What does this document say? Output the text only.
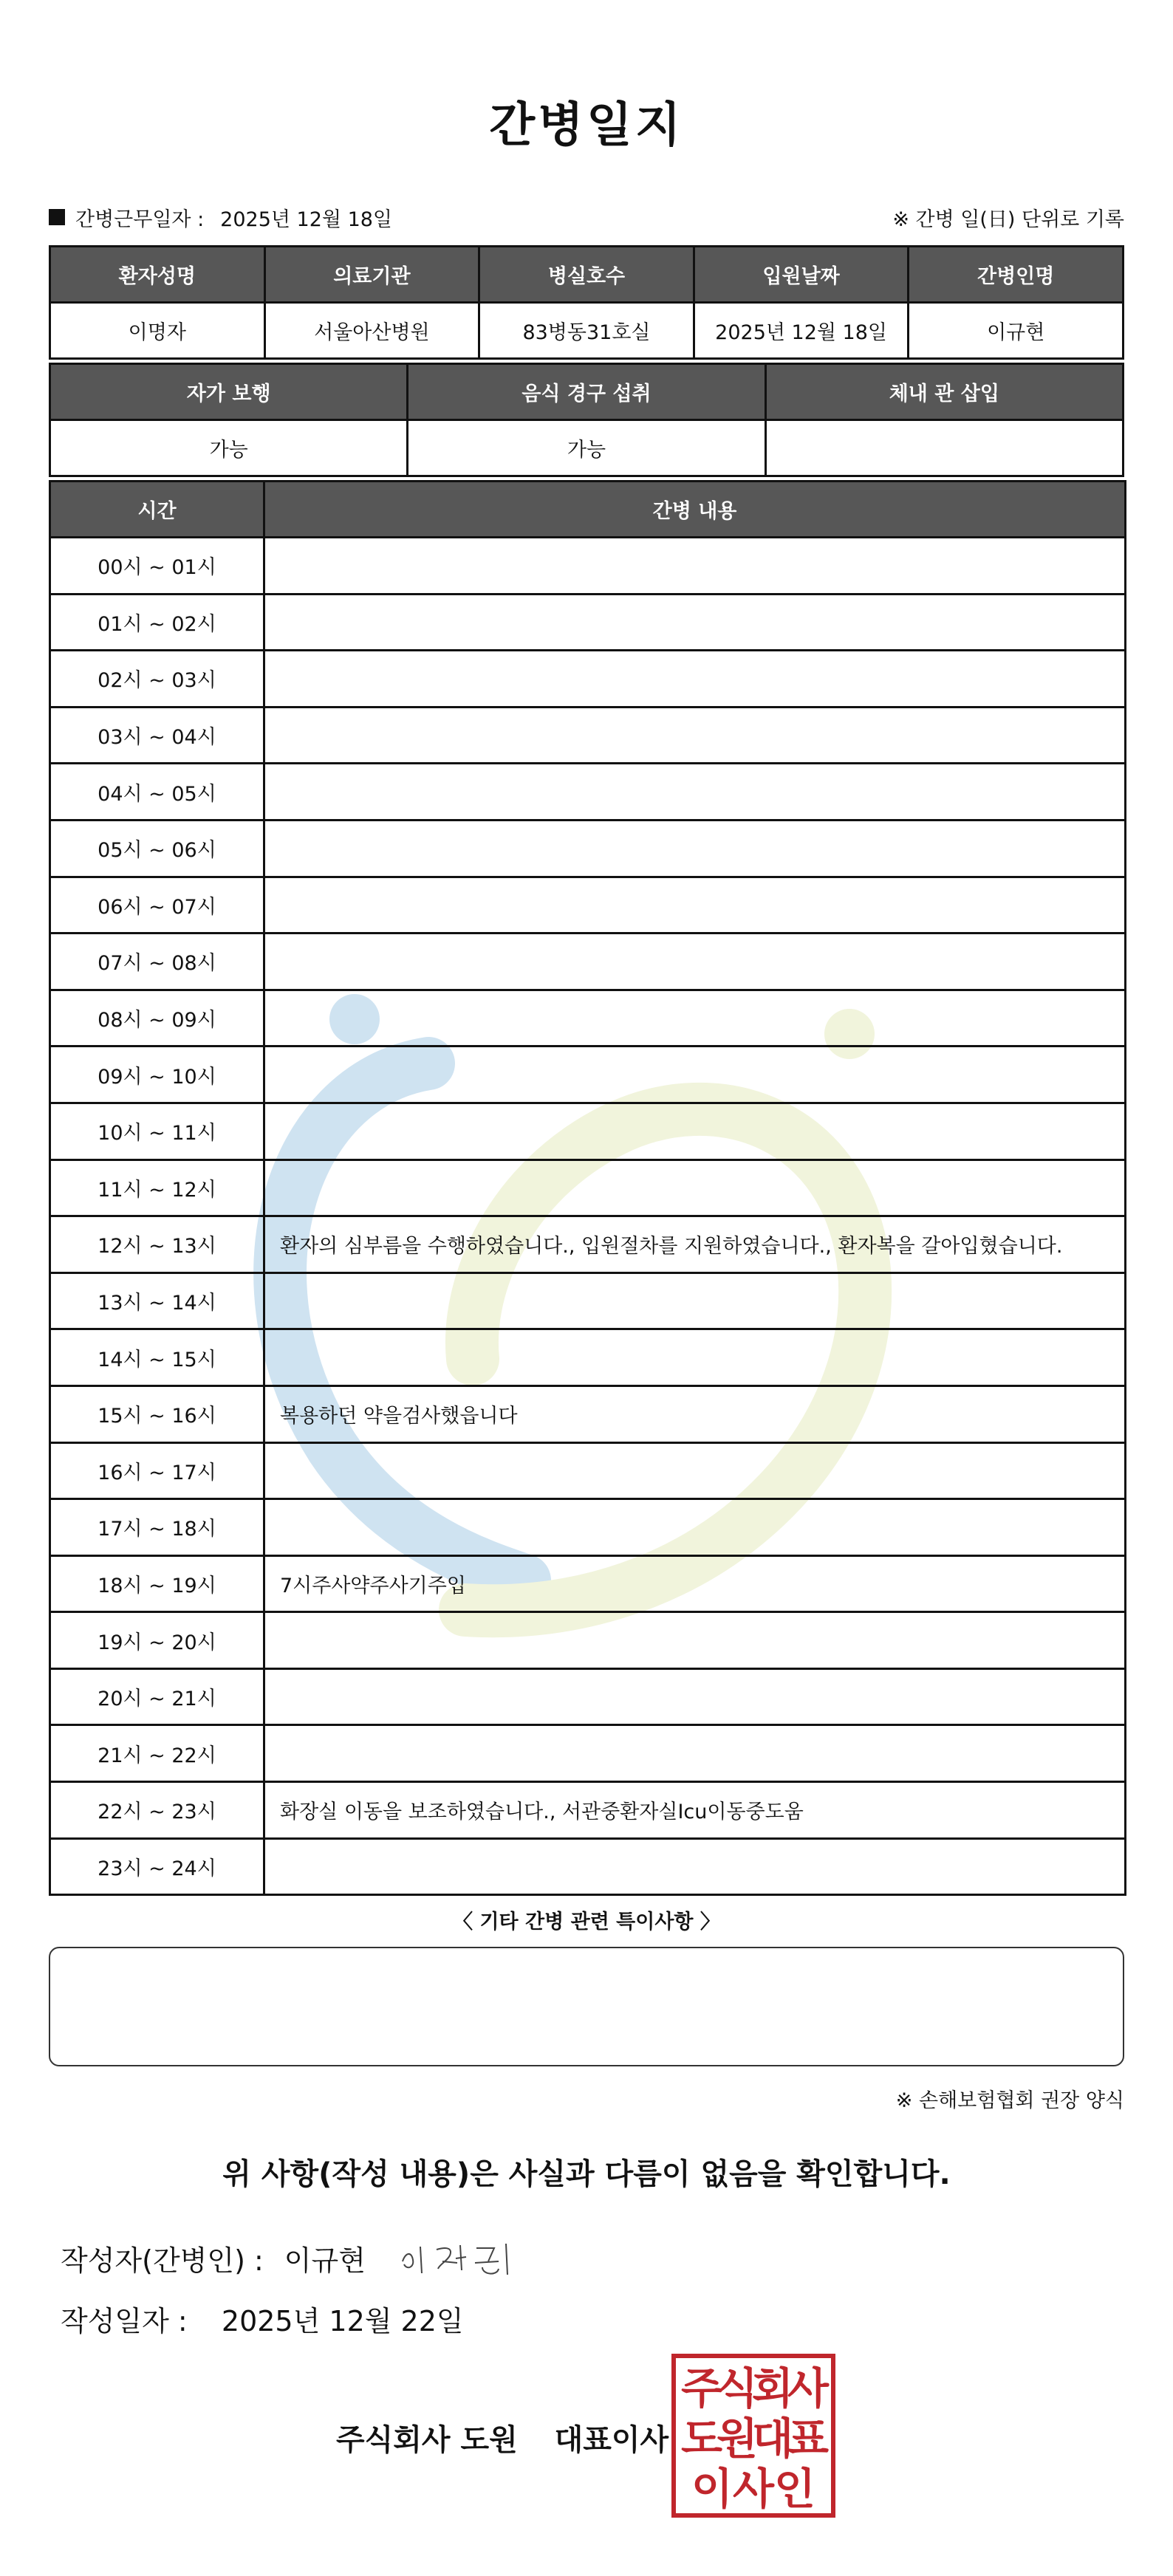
간병일지
간병근무일자 : 2025년 12월 18일	※ 간병 일(日) 단위로 기록
환자성명	의료기관	병실호수	입원날짜	간병인명
이명자	서울아산병원	83병동31호실	2025년 12월 18일	이규현
자가 보행	음식 경구 섭취	체내 관 삽입
가능	가능	
시간	간병 내용
00시 ~ 01시	
01시 ~ 02시	
02시 ~ 03시	
03시 ~ 04시	
04시 ~ 05시	
05시 ~ 06시	
06시 ~ 07시	
07시 ~ 08시	
08시 ~ 09시	
09시 ~ 10시	
10시 ~ 11시	
11시 ~ 12시	
12시 ~ 13시	환자의 심부름을 수행하였습니다., 입원절차를 지원하였습니다., 환자복을 갈아입혔습니다.
13시 ~ 14시	
14시 ~ 15시	
15시 ~ 16시	복용하던 약을검사했읍니다
16시 ~ 17시	
17시 ~ 18시	
18시 ~ 19시	7시주사약주사기주입
19시 ~ 20시	
20시 ~ 21시	
21시 ~ 22시	
22시 ~ 23시	화장실 이동을 보조하였습니다., 서관중환자실Icu이동중도움
23시 ~ 24시	
〈 기타 간병 관련 특이사항 〉
※ 손해보험협회 권장 양식
위 사항(작성 내용)은 사실과 다름이 없음을 확인합니다.
작성자(간병인) : 이규현
작성일자 : 2025년 12월 22일
주식회사 도원 대표이사
주
식
회
사
도
원
대
표
이 사 인
